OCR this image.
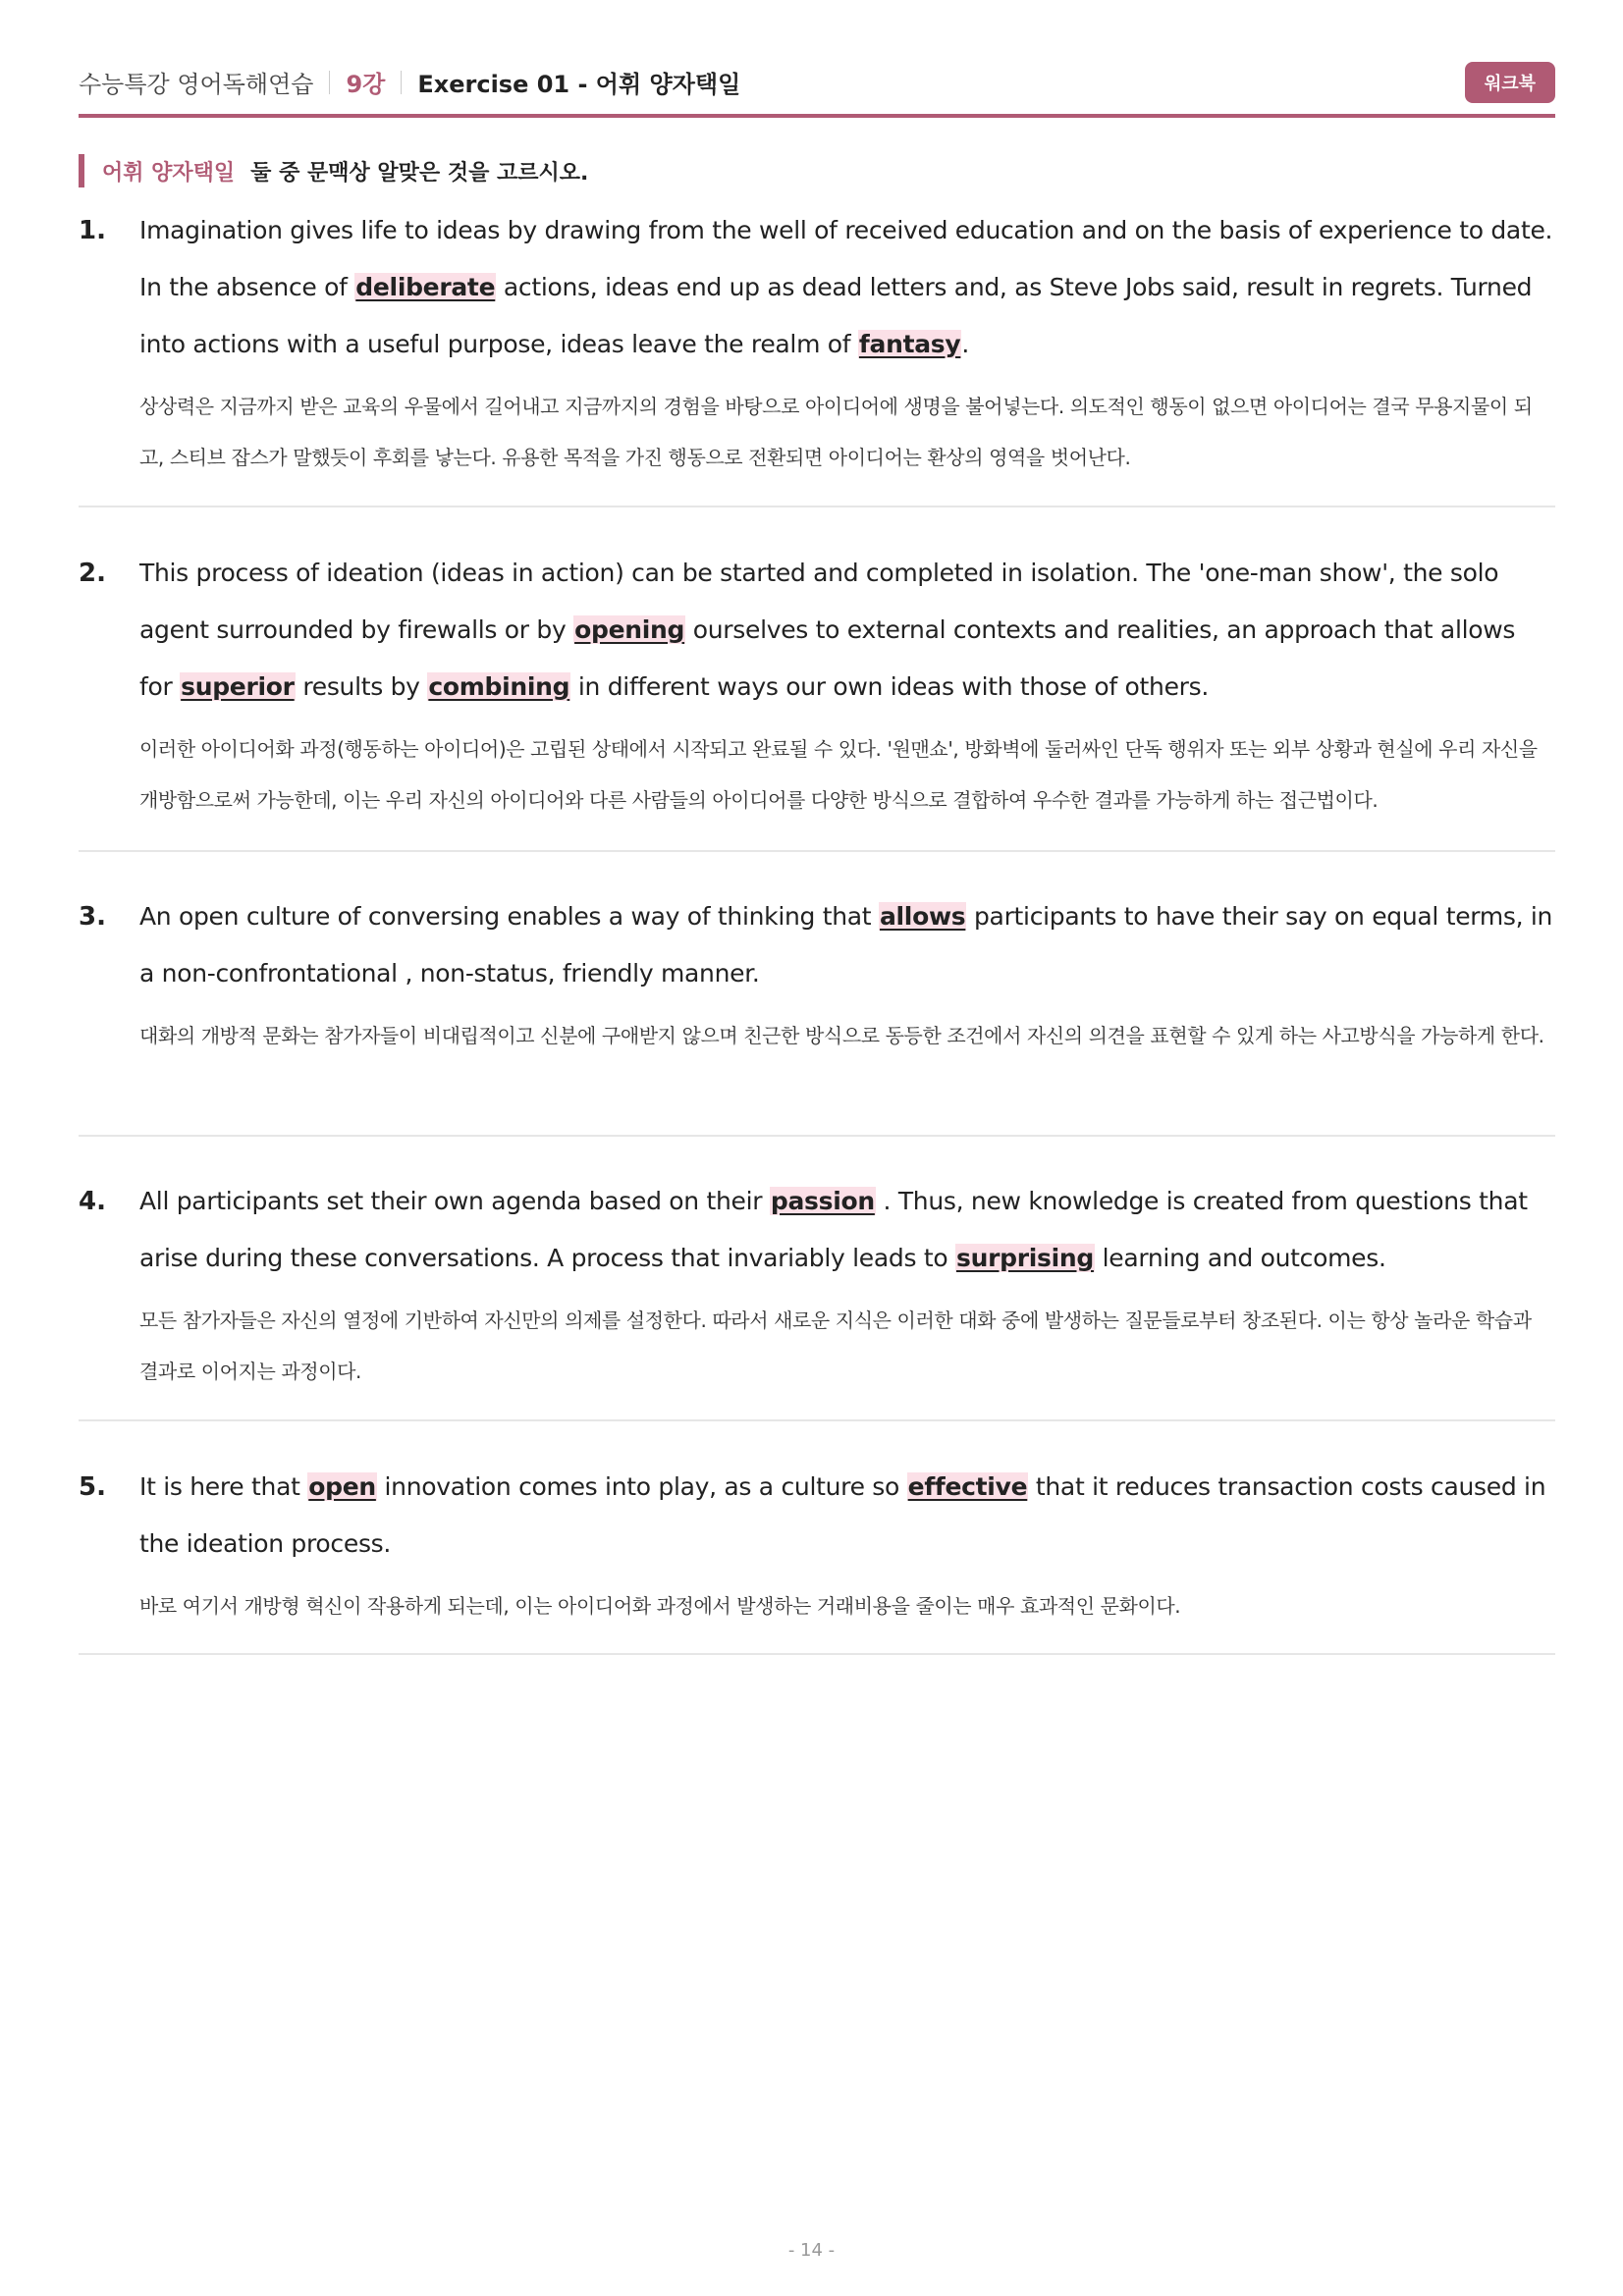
수능특강 영어독해연습 9강 Exercise 01 - 어휘 양자택일	워크북
어휘 양자택일 둘 중 문맥상 알맞은 것을 고르시오.
1. Imagination gives life to ideas by drawing from the well of received education and on the basis of experience to date. In the absence of deliberate actions, ideas end up as dead letters and, as Steve Jobs said, result in regrets. Turned into actions with a useful purpose, ideas leave the realm of fantasy.
상상력은 지금까지 받은 교육의 우물에서 길어내고 지금까지의 경험을 바탕으로 아이디어에 생명을 불어넣는다. 의도적인 행동이 없으면 아이디어는 결국 무용지물이 되고, 스티브 잡스가 말했듯이 후회를 낳는다. 유용한 목적을 가진 행동으로 전환되면 아이디어는 환상의 영역을 벗어난다.
2. This process of ideation (ideas in action) can be started and completed in isolation. The 'one-man show', the solo agent surrounded by firewalls or by opening ourselves to external contexts and realities, an approach that allows for superior results by combining in different ways our own ideas with those of others.
이러한 아이디어화 과정(행동하는 아이디어)은 고립된 상태에서 시작되고 완료될 수 있다. '원맨쇼', 방화벽에 둘러싸인 단독 행위자 또는 외부 상황과 현실에 우리 자신을 개방함으로써 가능한데, 이는 우리 자신의 아이디어와 다른 사람들의 아이디어를 다양한 방식으로 결합하여 우수한 결과를 가능하게 하는 접근법이다.
3. An open culture of conversing enables a way of thinking that allows participants to have their say on equal terms, in a non-confrontational , non-status, friendly manner.
대화의 개방적 문화는 참가자들이 비대립적이고 신분에 구애받지 않으며 친근한 방식으로 동등한 조건에서 자신의 의견을 표현할 수 있게 하는 사고방식을 가능하게 한다.
4. All participants set their own agenda based on their passion . Thus, new knowledge is created from questions that arise during these conversations. A process that invariably leads to surprising learning and outcomes.
모든 참가자들은 자신의 열정에 기반하여 자신만의 의제를 설정한다. 따라서 새로운 지식은 이러한 대화 중에 발생하는 질문들로부터 창조된다. 이는 항상 놀라운 학습과 결과로 이어지는 과정이다.
5. It is here that open innovation comes into play, as a culture so effective that it reduces transaction costs caused in the ideation process.
바로 여기서 개방형 혁신이 작용하게 되는데, 이는 아이디어화 과정에서 발생하는 거래비용을 줄이는 매우 효과적인 문화이다.
- 14 -
